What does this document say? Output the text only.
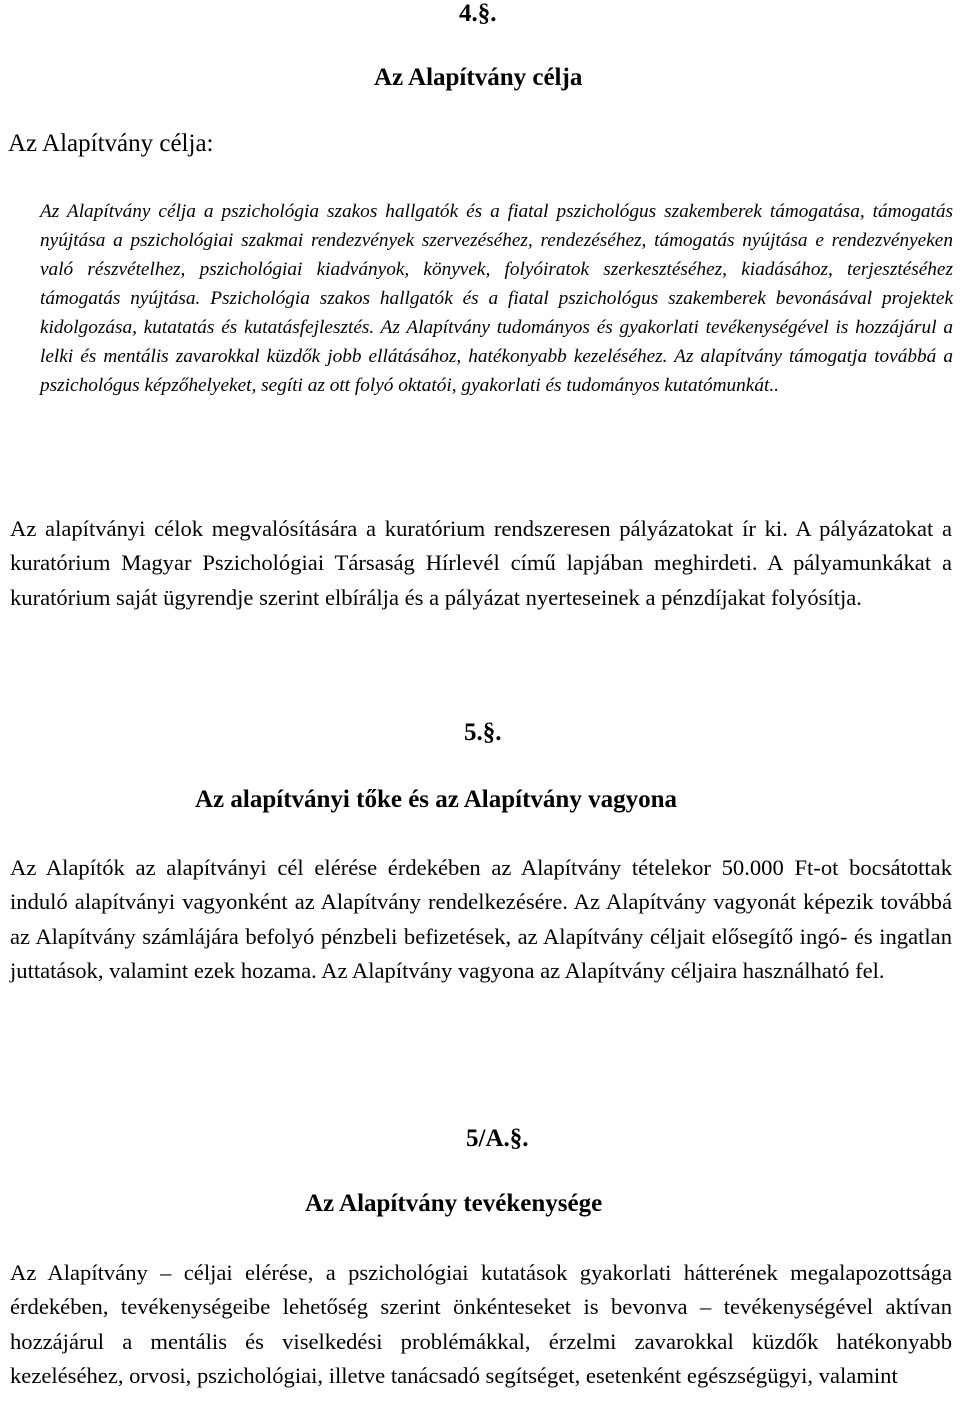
4.§.
Az Alapítvány célja
Az Alapítvány célja:

Az Alapítvány célja a pszichológia szakos hallgatók és a fiatal pszichológus szakemberek támogatása, támogatás nyújtása a pszichológiai szakmai rendezvények szervezéséhez, rendezéséhez, támogatás nyújtása e rendezvényeken való részvételhez, pszichológiai kiadványok, könyvek, folyóiratok szerkesztéséhez, kiadásához, terjesztéséhez támogatás nyújtása. Pszichológia szakos hallgatók és a fiatal pszichológus szakemberek bevonásával projektek kidolgozása, kutatatás és kutatásfejlesztés. Az Alapítvány tudományos és gyakorlati tevékenységével is hozzájárul a lelki és mentális zavarokkal küzdők jobb ellátásához, hatékonyabb kezeléséhez. Az alapítvány támogatja továbbá a pszichológus képzőhelyeket, segíti az ott folyó oktatói, gyakorlati és tudományos kutatómunkát..

Az alapítványi célok megvalósítására a kuratórium rendszeresen pályázatokat ír ki. A pályázatokat a kuratórium Magyar Pszichológiai Társaság Hírlevél című lapjában meghirdeti. A pályamunkákat a kuratórium saját ügyrendje szerint elbírálja és a pályázat nyerteseinek a pénzdíjakat folyósítja.

5.§.
Az alapítványi tőke és az Alapítvány vagyona

Az Alapítók az alapítványi cél elérése érdekében az Alapítvány tételekor 50.000 Ft-ot bocsátottak induló alapítványi vagyonként az Alapítvány rendelkezésére. Az Alapítvány vagyonát képezik továbbá az Alapítvány számlájára befolyó pénzbeli befizetések, az Alapítvány céljait elősegítő ingó- és ingatlan juttatások, valamint ezek hozama. Az Alapítvány vagyona az Alapítvány céljaira használható fel.

5/A.§.
Az Alapítvány tevékenysége

Az Alapítvány – céljai elérése, a pszichológiai kutatások gyakorlati hátterének megalapozottsága érdekében, tevékenységeibe lehetőség szerint önkénteseket is bevonva – tevékenységével aktívan hozzájárul a mentális és viselkedési problémákkal, érzelmi zavarokkal küzdők hatékonyabb kezeléséhez, orvosi, pszichológiai, illetve tanácsadó segítséget, esetenként egészségügyi, valamint
